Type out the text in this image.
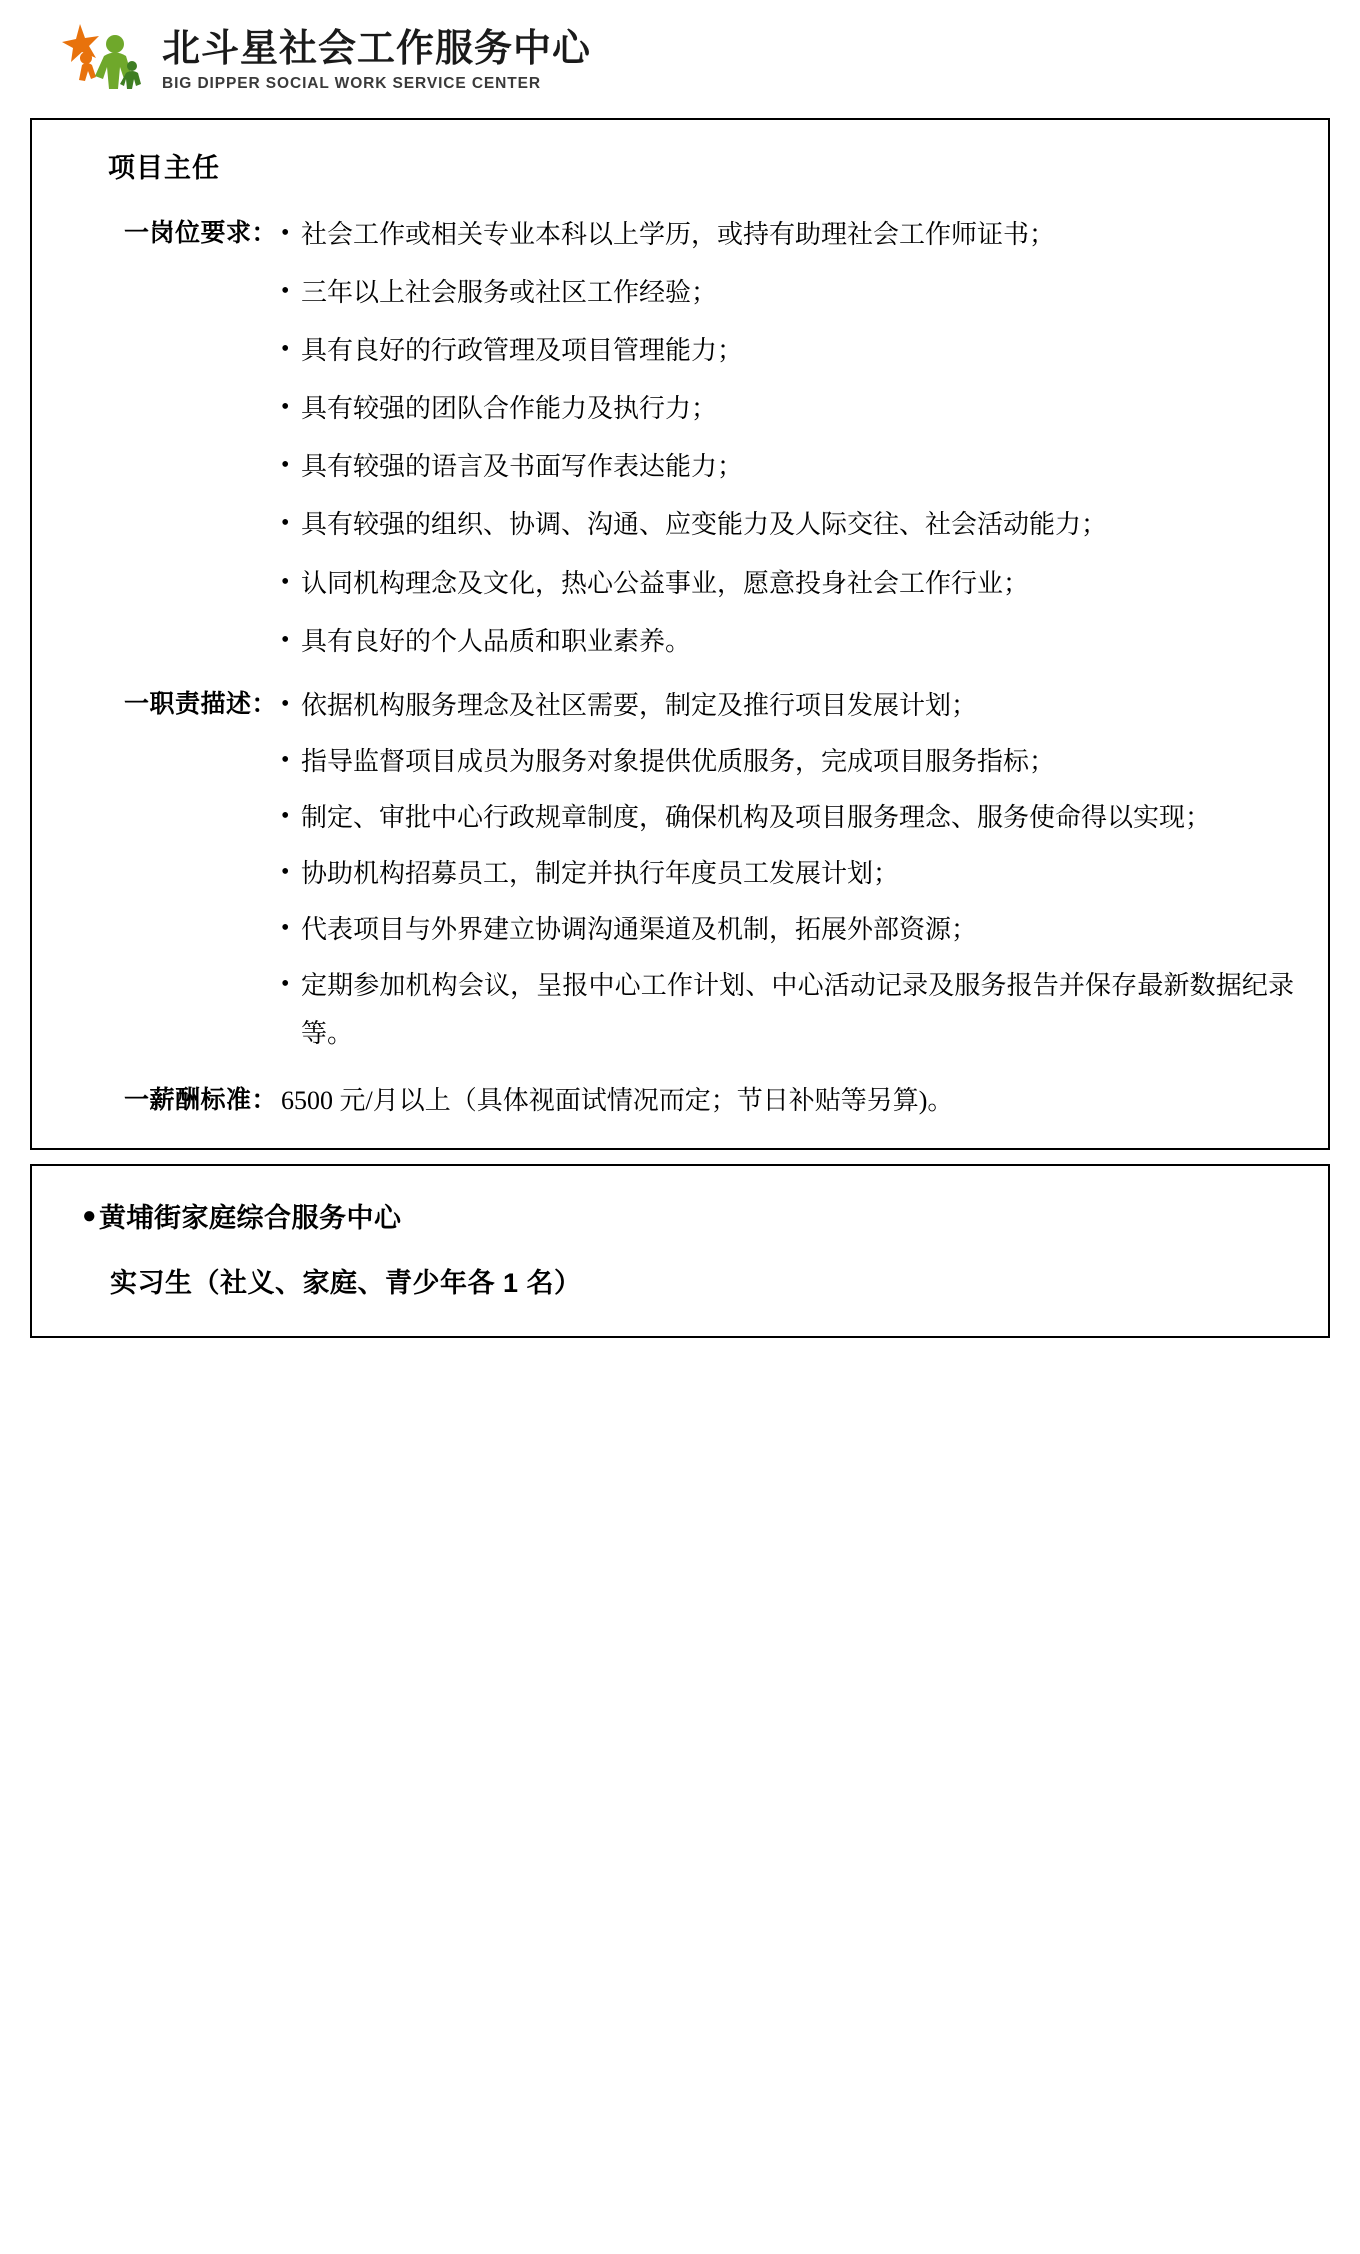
北斗星社会工作服务中心
BIG DIPPER SOCIAL WORK SERVICE CENTER
项目主任
一岗位要求： • 社会工作或相关专业本科以上学历，或持有助理社会工作师证书；
• 三年以上社会服务或社区工作经验；
• 具有良好的行政管理及项目管理能力；
• 具有较强的团队合作能力及执行力；
• 具有较强的语言及书面写作表达能力；
• 具有较强的组织、协调、沟通、应变能力及人际交往、社会活动能力；
• 认同机构理念及文化，热心公益事业，愿意投身社会工作行业；
• 具有良好的个人品质和职业素养。
一职责描述： • 依据机构服务理念及社区需要，制定及推行项目发展计划；
• 指导监督项目成员为服务对象提供优质服务，完成项目服务指标；
• 制定、审批中心行政规章制度，确保机构及项目服务理念、服务使命得以实现；
• 协助机构招募员工，制定并执行年度员工发展计划；
• 代表项目与外界建立协调沟通渠道及机制，拓展外部资源；
• 定期参加机构会议，呈报中心工作计划、中心活动记录及服务报告并保存最新数据纪录等。
一薪酬标准： 6500 元/月以上（具体视面试情况而定；节日补贴等另算)。
● 黄埔街家庭综合服务中心
实习生（社义、家庭、青少年各 1 名）
